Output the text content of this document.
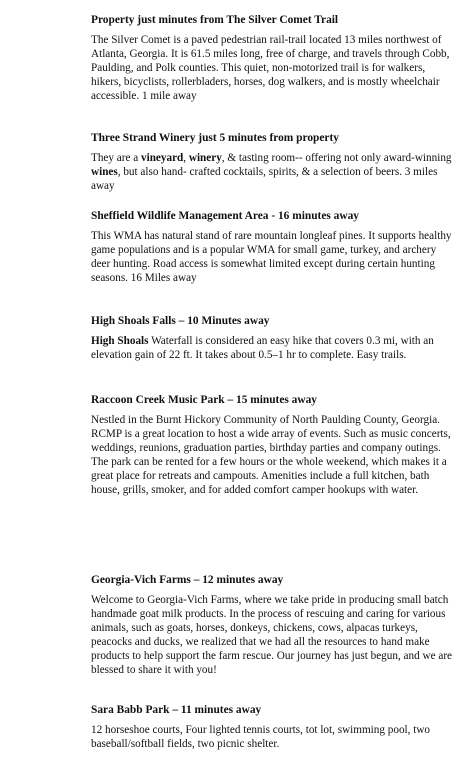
Property just minutes from The Silver Comet Trail

The Silver Comet is a paved pedestrian rail-trail located 13 miles northwest of Atlanta, Georgia. It is 61.5 miles long, free of charge, and travels through Cobb, Paulding, and Polk counties. This quiet, non-motorized trail is for walkers, hikers, bicyclists, rollerbladers, horses, dog walkers, and is mostly wheelchair accessible. 1 mile away

Three Strand Winery just 5 minutes from property

They are a vineyard, winery, & tasting room-- offering not only award-winning wines, but also hand- crafted cocktails, spirits, & a selection of beers. 3 miles away

Sheffield Wildlife Management Area - 16 minutes away

This WMA has natural stand of rare mountain longleaf pines. It supports healthy game populations and is a popular WMA for small game, turkey, and archery deer hunting. Road access is somewhat limited except during certain hunting seasons. 16 Miles away

High Shoals Falls – 10 Minutes away

High Shoals Waterfall is considered an easy hike that covers 0.3 mi, with an elevation gain of 22 ft. It takes about 0.5–1 hr to complete. Easy trails.

Raccoon Creek Music Park – 15 minutes away

Nestled in the Burnt Hickory Community of North Paulding County, Georgia. RCMP is a great location to host a wide array of events. Such as music concerts, weddings, reunions, graduation parties, birthday parties and company outings. The park can be rented for a few hours or the whole weekend, which makes it a great place for retreats and campouts. Amenities include a full kitchen, bath house, grills, smoker, and for added comfort camper hookups with water.

Georgia-Vich Farms – 12 minutes away

Welcome to Georgia-Vich Farms, where we take pride in producing small batch handmade goat milk products. In the process of rescuing and caring for various animals, such as goats, horses, donkeys, chickens, cows, alpacas turkeys, peacocks and ducks, we realized that we had all the resources to hand make products to help support the farm rescue. Our journey has just begun, and we are blessed to share it with you!

Sara Babb Park – 11 minutes away

12 horseshoe courts, Four lighted tennis courts, tot lot, swimming pool, two baseball/softball fields, two picnic shelter.
